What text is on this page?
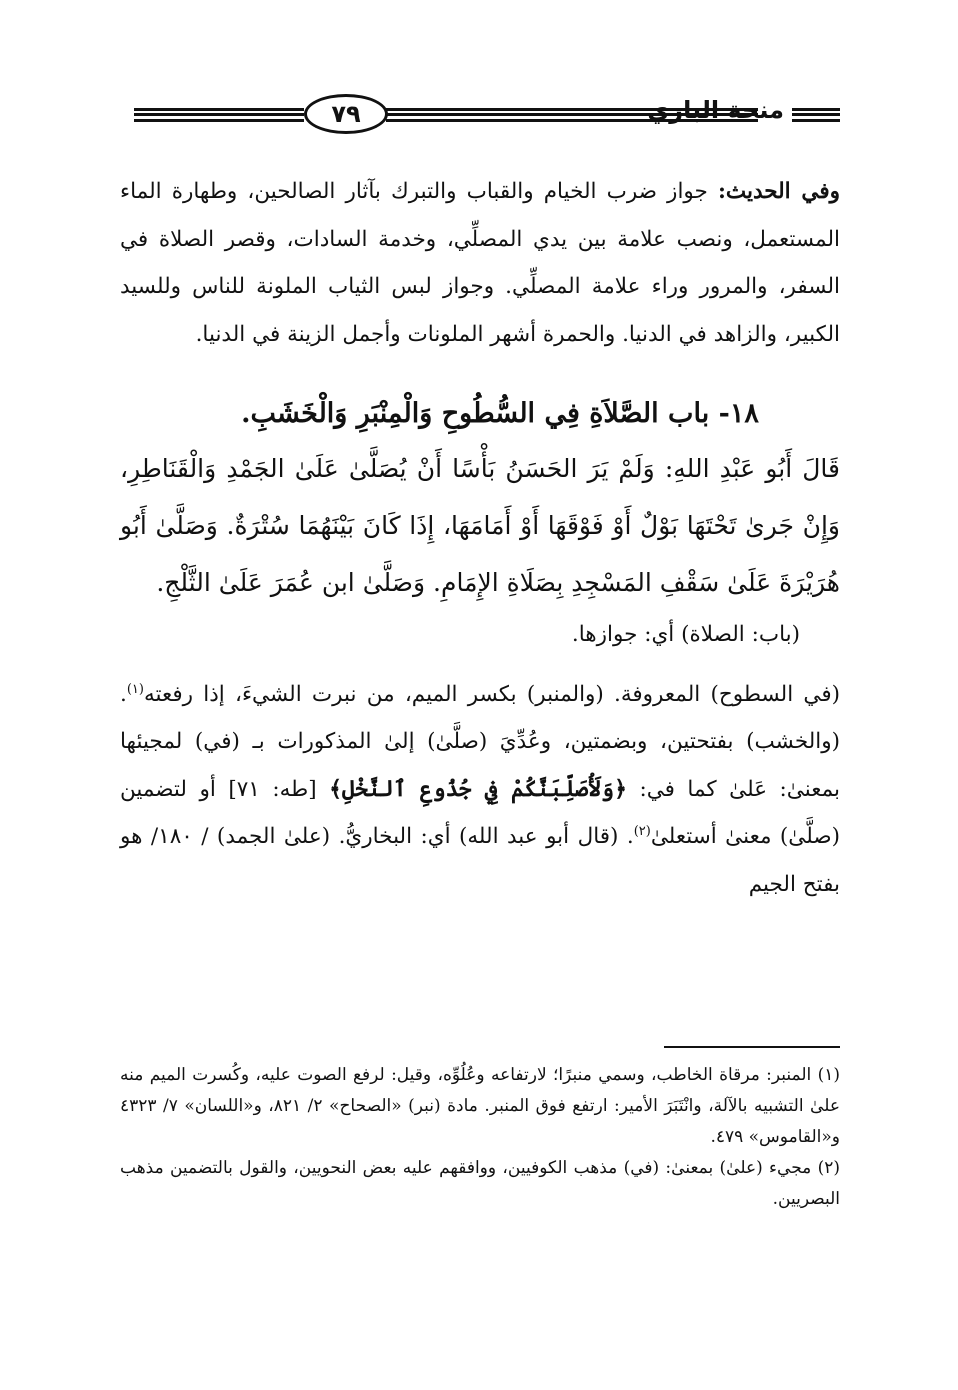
٧٩	منحة الباري

وفي الحديث: جواز ضرب الخيام والقباب والتبرك بآثار الصالحين، وطهارة الماء المستعمل، ونصب علامة بين يدي المصلِّي، وخدمة السادات، وقصر الصلاة في السفر، والمرور وراء علامة المصلِّي. وجواز لبس الثياب الملونة للناس وللسيد الكبير، والزاهد في الدنيا. والحمرة أشهر الملونات وأجمل الزينة في الدنيا.

١٨- باب الصَّلاَةِ فِي السُّطُوحِ وَالْمِنْبَرِ وَالْخَشَبِ.

قَالَ أَبُو عَبْدِ اللهِ: وَلَمْ يَرَ الحَسَنُ بَأْسًا أَنْ يُصَلَّىٰ عَلَىٰ الجَمْدِ وَالْقَنَاطِرِ، وَإِنْ جَرىٰ تَحْتَهَا بَوْلٌ أَوْ فَوْقَهَا أَوْ أَمَامَهَا، إِذَا كَانَ بَيْنَهُمَا سُتْرَةٌ. وَصَلَّىٰ أَبُو هُرَيْرَةَ عَلَىٰ سَقْفِ المَسْجِدِ بِصَلَاةِ الإِمَامِ. وَصَلَّىٰ ابن عُمَرَ عَلَىٰ الثَّلْجِ.

(باب: الصلاة) أي: جوازها.

(في السطوح) المعروفة. (والمنبر) بكسر الميم، من نبرت الشيءَ، إذا رفعته$^{(١)}$. (والخشب) بفتحتين، وبضمتين، وعُدِّيَ (صلَّىٰ) إلىٰ المذكورات بـ (في) لمجيئها بمعنىٰ: عَلىٰ كما في: ﴿وَلَأُصَلِّبَنَّكُمْ فِي جُذُوعِ ٱلنَّخْلِ﴾ [طه: ٧١] أو لتضمين (صلَّىٰ) معنىٰ أستعلىٰ$^{(٢)}$. (قال أبو عبد الله) أي: البخاريُّ. (علىٰ الجمد) / ١٨٠/ هو بفتح الجيم

(١) المنبر: مرقاة الخاطب، وسمي منبرًا؛ لارتفاعه وعُلُوِّه، وقيل: لرفع الصوت عليه، وكُسرت الميم منه علىٰ التشبيه بالآلة، وانْتَبَرَ الأمير: ارتفع فوق المنبر. مادة (نبر) «الصحاح» ٢/ ٨٢١، و«اللسان» ٧/ ٤٣٢٣ و«القاموس» ٤٧٩.

(٢) مجيء (علىٰ) بمعنىٰ: (في) مذهب الكوفيين، ووافقهم عليه بعض النحويين، والقول بالتضمين مذهب البصريين.
